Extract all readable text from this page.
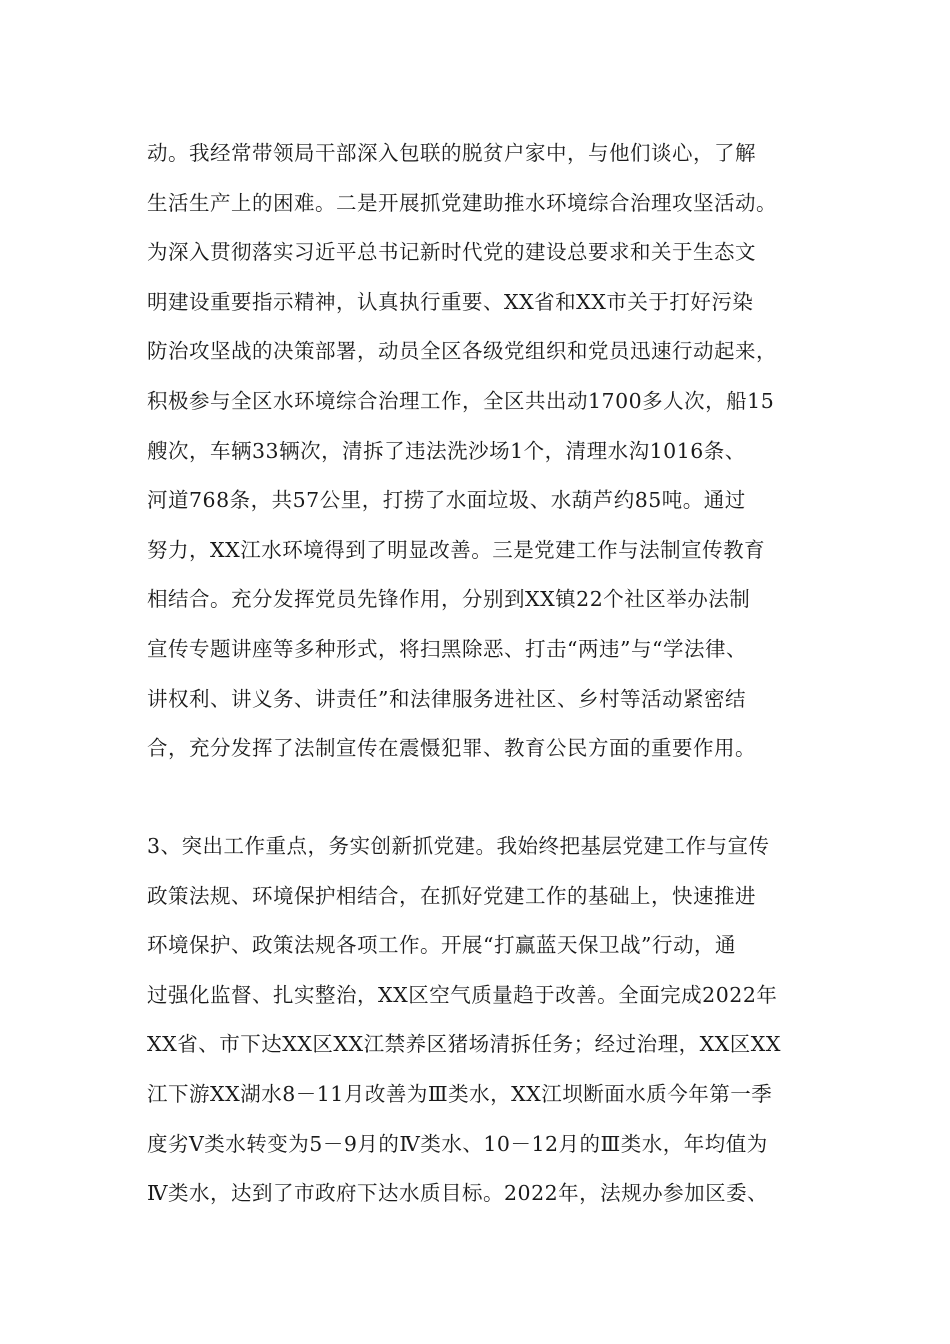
动。我经常带领局干部深入包联的脱贫户家中，与他们谈心，了解
生活生产上的困难。二是开展抓党建助推水环境综合治理攻坚活动。
为深入贯彻落实习近平总书记新时代党的建设总要求和关于生态文
明建设重要指示精神，认真执行重要、XX省和XX市关于打好污染
防治攻坚战的决策部署，动员全区各级党组织和党员迅速行动起来，
积极参与全区水环境综合治理工作，全区共出动1700多人次，船15
艘次，车辆33辆次，清拆了违法洗沙场1个，清理水沟1016条、
河道768条，共57公里，打捞了水面垃圾、水葫芦约85吨。通过
努力，XX江水环境得到了明显改善。三是党建工作与法制宣传教育
相结合。充分发挥党员先锋作用，分别到XX镇22个社区举办法制
宣传专题讲座等多种形式，将扫黑除恶、打击“两违”与“学法律、
讲权利、讲义务、讲责任”和法律服务进社区、乡村等活动紧密结
合，充分发挥了法制宣传在震慑犯罪、教育公民方面的重要作用。
3、突出工作重点，务实创新抓党建。我始终把基层党建工作与宣传
政策法规、环境保护相结合，在抓好党建工作的基础上，快速推进
环境保护、政策法规各项工作。开展“打赢蓝天保卫战”行动，通
过强化监督、扎实整治，XX区空气质量趋于改善。全面完成2022年
XX省、市下达XX区XX江禁养区猪场清拆任务；经过治理，XX区XX
江下游XX湖水8－11月改善为Ⅲ类水，XX江坝断面水质今年第一季
度劣Ⅴ类水转变为5－9月的Ⅳ类水、10－12月的Ⅲ类水，年均值为
Ⅳ类水，达到了市政府下达水质目标。2022年，法规办参加区委、
